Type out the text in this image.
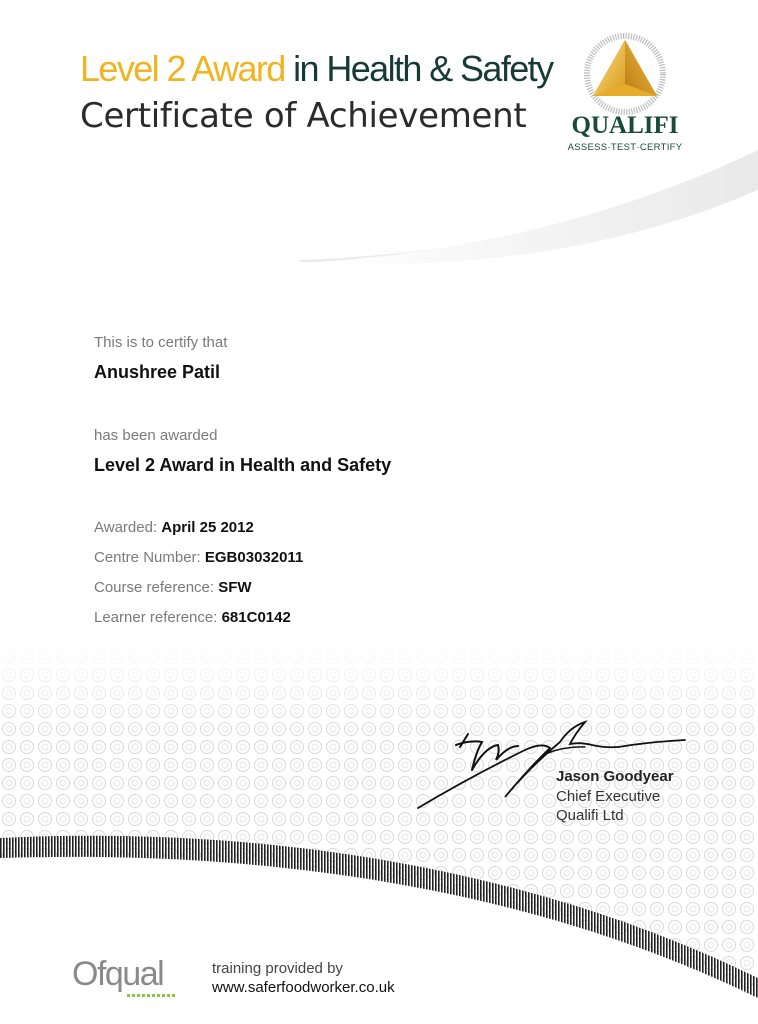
Level 2 Award in Health & Safety
Certificate of Achievement QUALIFI
ASSESS·TEST·CERTIFY
This is to certify that
Anushree Patil
has been awarded
Level 2 Award in Health and Safety
Awarded: April 25 2012
Centre Number: EGB03032011
Course reference: SFW
Learner reference: 681C0142
Jason Goodyear
Chief Executive
Qualifi Ltd
Ofqual	training provided by
www.saferfoodworker.co.uk
